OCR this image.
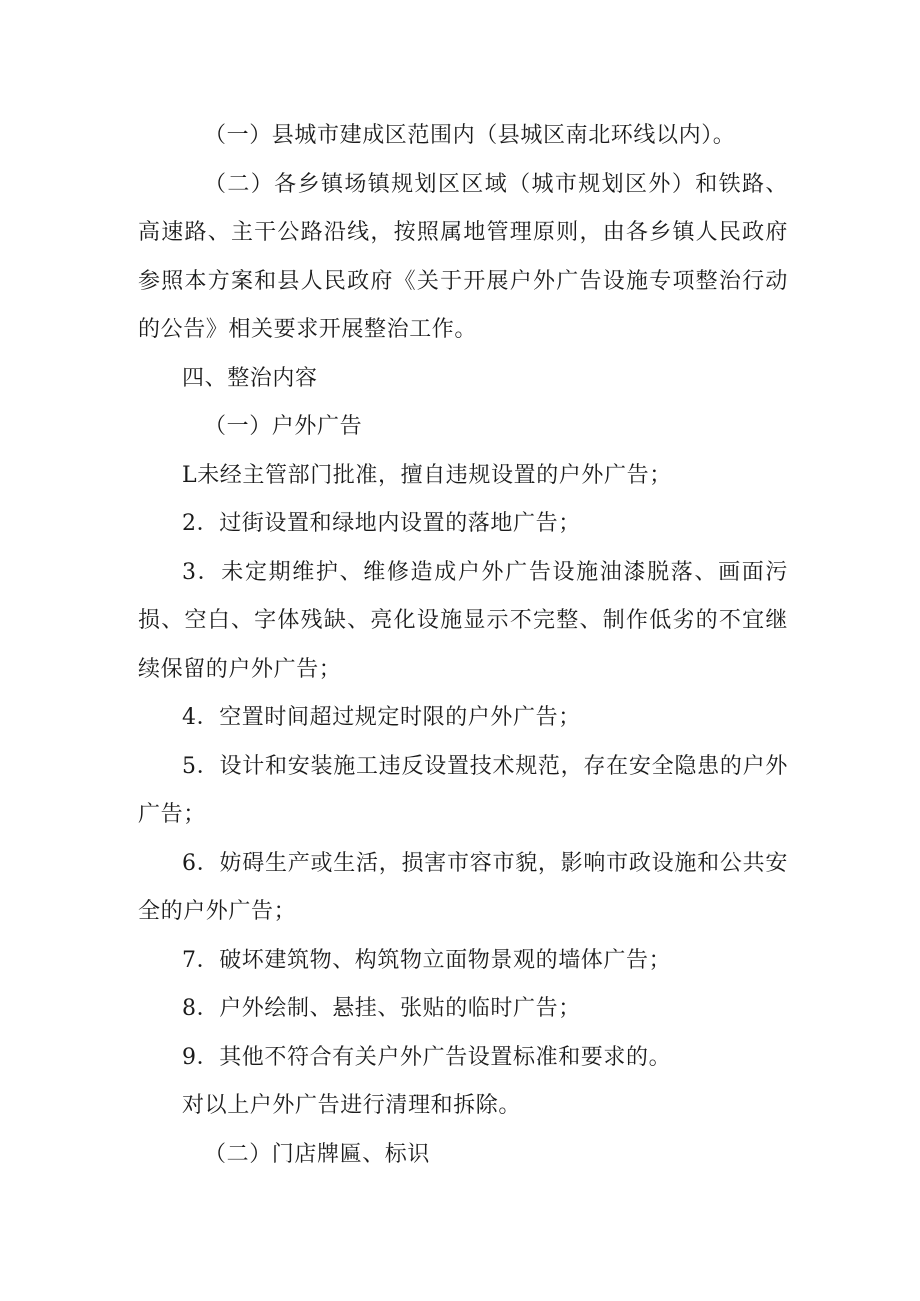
（一）县城市建成区范围内（县城区南北环线以内）。

（二）各乡镇场镇规划区区域（城市规划区外）和铁路、高速路、主干公路沿线，按照属地管理原则，由各乡镇人民政府参照本方案和县人民政府《关于开展户外广告设施专项整治行动的公告》相关要求开展整治工作。

四、整治内容

（一）户外广告

L未经主管部门批准，擅自违规设置的户外广告；

2．过街设置和绿地内设置的落地广告；

3．未定期维护、维修造成户外广告设施油漆脱落、画面污损、空白、字体残缺、亮化设施显示不完整、制作低劣的不宜继续保留的户外广告；

4．空置时间超过规定时限的户外广告；

5．设计和安装施工违反设置技术规范，存在安全隐患的户外广告；

6．妨碍生产或生活，损害市容市貌，影响市政设施和公共安全的户外广告；

7．破坏建筑物、构筑物立面物景观的墙体广告；

8．户外绘制、悬挂、张贴的临时广告；

9．其他不符合有关户外广告设置标准和要求的。

对以上户外广告进行清理和拆除。

（二）门店牌匾、标识
